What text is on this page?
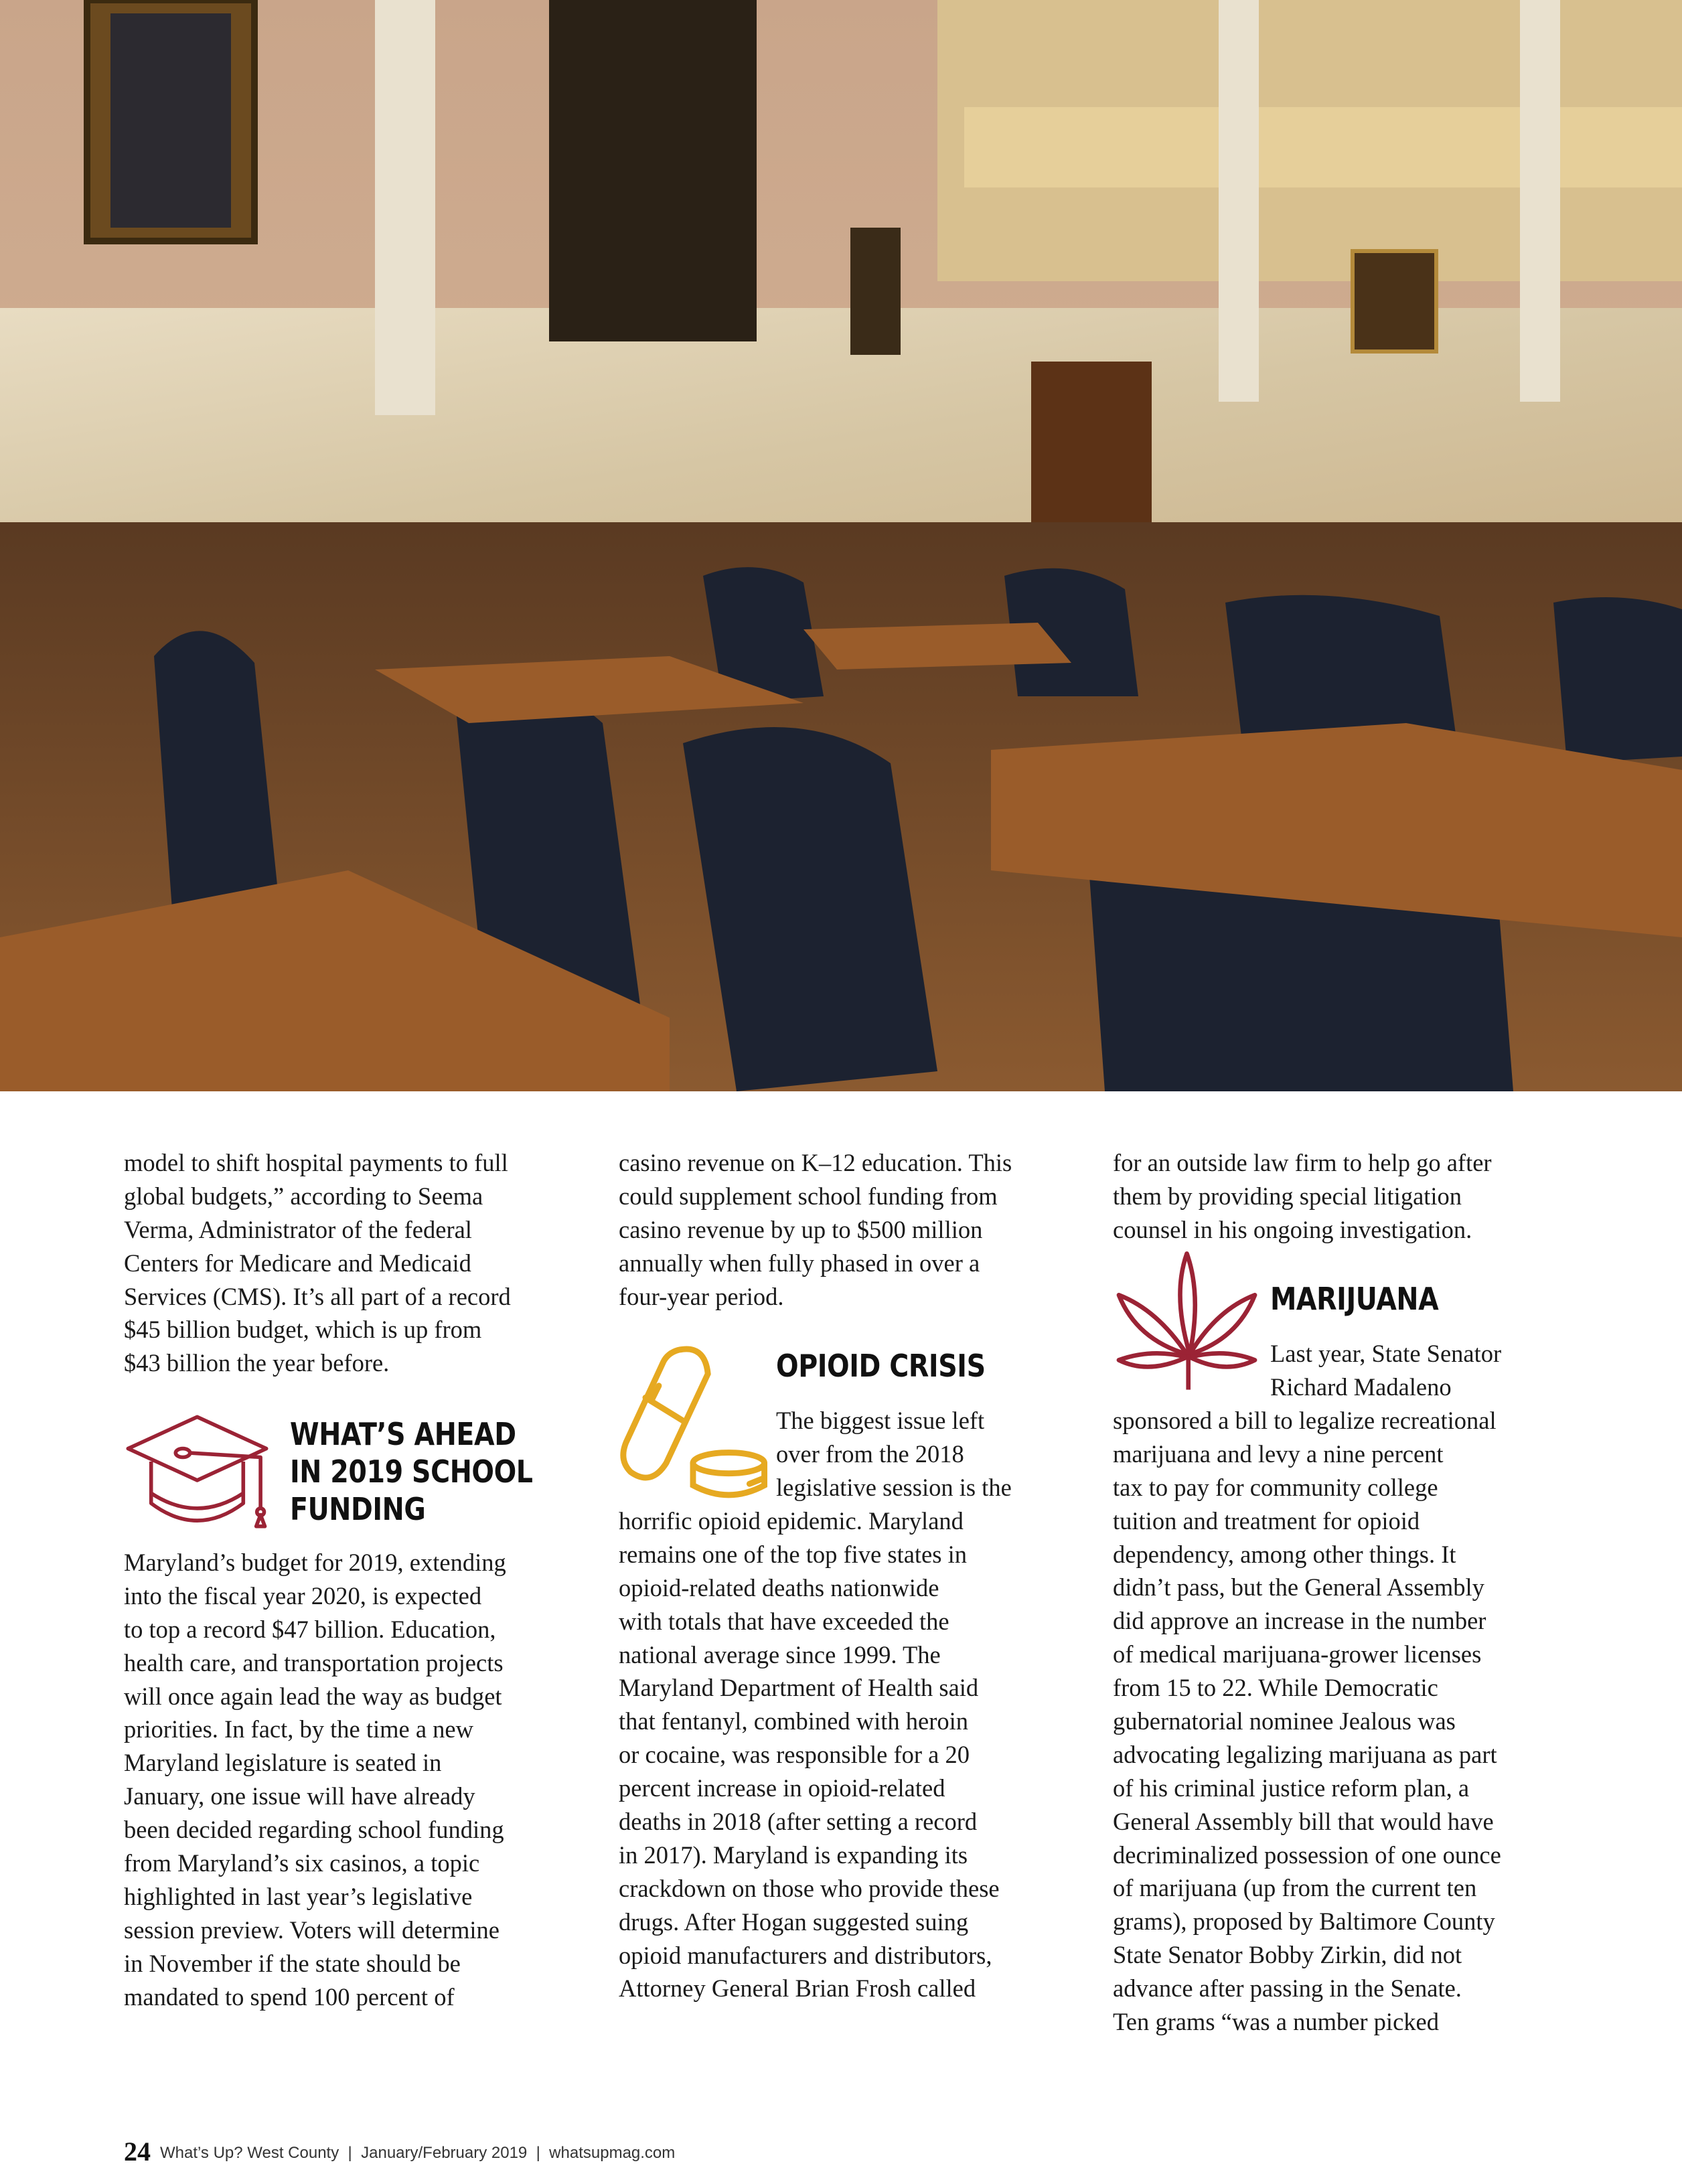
model to shift hospital payments to full
global budgets,” according to Seema
Verma, Administrator of the federal
Centers for Medicare and Medicaid
Services (CMS). It’s all part of a record
$45 billion budget, which is up from
$43 billion the year before.
WHAT’S AHEAD
IN 2019 SCHOOL
FUNDING
Maryland’s budget for 2019, extending
into the fiscal year 2020, is expected
to top a record $47 billion. Education,
health care, and transportation projects
will once again lead the way as budget
priorities. In fact, by the time a new
Maryland legislature is seated in
January, one issue will have already
been decided regarding school funding
from Maryland’s six casinos, a topic
highlighted in last year’s legislative
session preview. Voters will determine
in November if the state should be
mandated to spend 100 percent of
casino revenue on K–12 education. This
could supplement school funding from
casino revenue by up to $500 million
annually when fully phased in over a
four-year period.
OPIOID CRISIS
The biggest issue left
over from the 2018
legislative session is the
horrific opioid epidemic. Maryland
remains one of the top five states in
opioid-related deaths nationwide
with totals that have exceeded the
national average since 1999. The
Maryland Department of Health said
that fentanyl, combined with heroin
or cocaine, was responsible for a 20
percent increase in opioid-related
deaths in 2018 (after setting a record
in 2017). Maryland is expanding its
crackdown on those who provide these
drugs. After Hogan suggested suing
opioid manufacturers and distributors,
Attorney General Brian Frosh called
for an outside law firm to help go after
them by providing special litigation
counsel in his ongoing investigation.
MARIJUANA
Last year, State Senator
Richard Madaleno
sponsored a bill to legalize recreational
marijuana and levy a nine percent
tax to pay for community college
tuition and treatment for opioid
dependency, among other things. It
didn’t pass, but the General Assembly
did approve an increase in the number
of medical marijuana-grower licenses
from 15 to 22. While Democratic
gubernatorial nominee Jealous was
advocating legalizing marijuana as part
of his criminal justice reform plan, a
General Assembly bill that would have
decriminalized possession of one ounce
of marijuana (up from the current ten
grams), proposed by Baltimore County
State Senator Bobby Zirkin, did not
advance after passing in the Senate.
Ten grams “was a number picked
24 What’s Up? West County  |  January/February 2019  |  whatsupmag.com
